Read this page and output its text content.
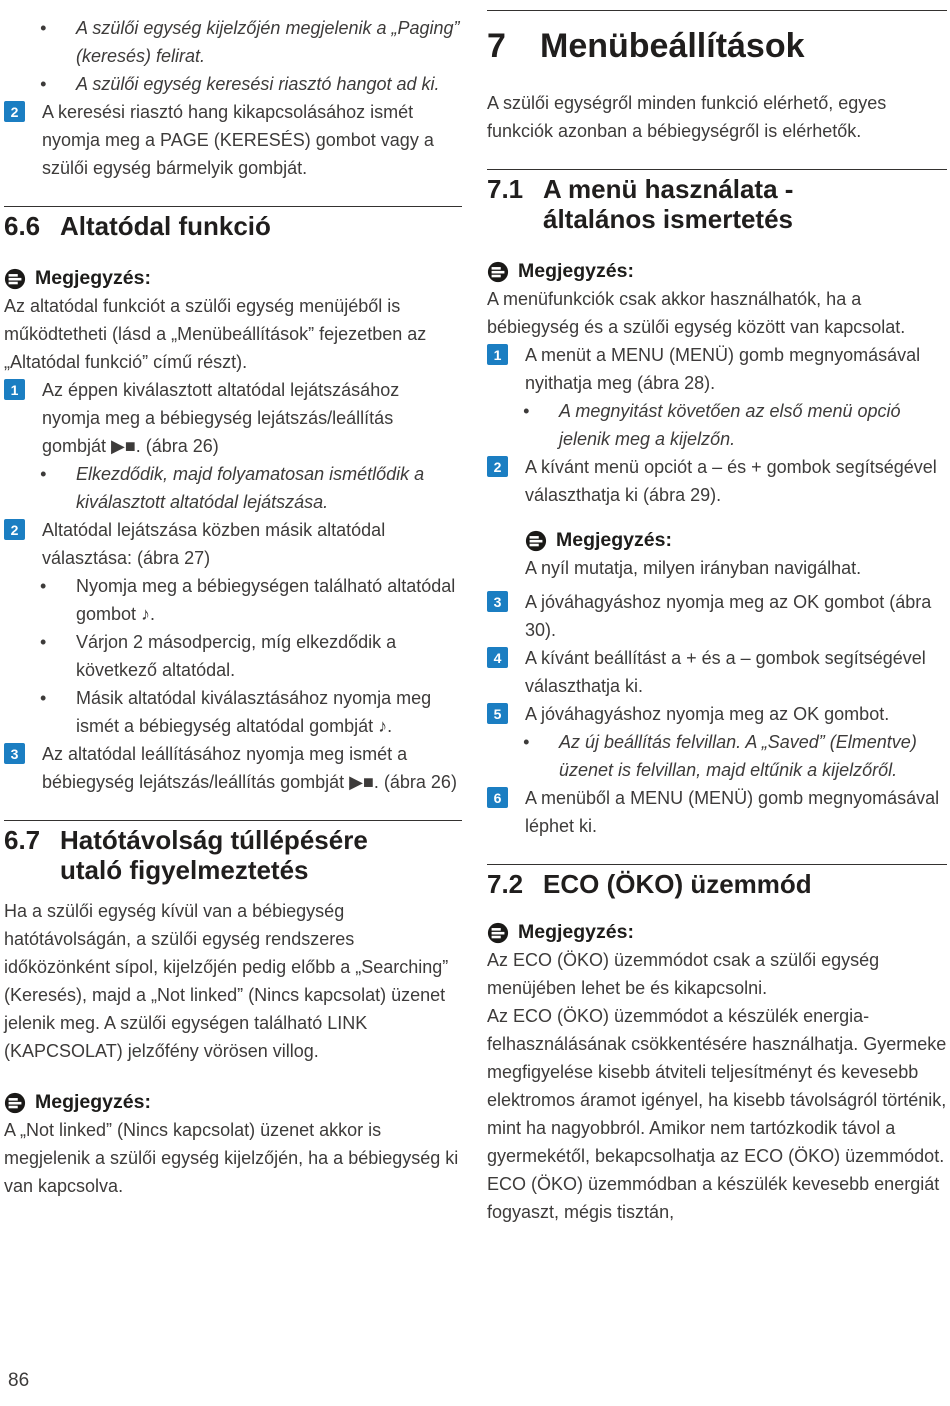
• A szülői egység kijelzőjén megjelenik a „Paging” (keresés) felirat.

• A szülői egység keresési riasztó hangot ad ki.

2	A keresési riasztó hang kikapcsolásához ismét nyomja meg a PAGE (KERESÉS) gombot vagy a szülői egység bármelyik gombját.

6.6 Altatódal funkció
Megjegyzés:

Az altatódal funkciót a szülői egység menüjéből is működtetheti (lásd a „Menübeállítások” fejezetben az „Altatódal funkció” című részt).

1	Az éppen kiválasztott altatódal lejátszásához nyomja meg a bébiegység lejátszás/leállítás gombját ▶■. (ábra 26)

• Elkezdődik, majd folyamatosan ismétlődik a kiválasztott altatódal lejátszása.

2	Altatódal lejátszása közben másik altatódal választása: (ábra 27)

• Nyomja meg a bébiegységen található altatódal gombot ♪.

• Várjon 2 másodpercig, míg elkezdődik a következő altatódal.

• Másik altatódal kiválasztásához nyomja meg ismét a bébiegység altatódal gombját ♪.

3	Az altatódal leállításához nyomja meg ismét a bébiegység lejátszás/leállítás gombját ▶■. (ábra 26)

6.7 Hatótávolság túllépésére utaló figyelmeztetés

Ha a szülői egység kívül van a bébiegység hatótávolságán, a szülői egység rendszeres időközönként sípol, kijelzőjén pedig előbb a „Searching” (Keresés), majd a „Not linked” (Nincs kapcsolat) üzenet jelenik meg. A szülői egységen található LINK (KAPCSOLAT) jelzőfény vörösen villog.

Megjegyzés:

A „Not linked” (Nincs kapcsolat) üzenet akkor is megjelenik a szülői egység kijelzőjén, ha a bébiegység ki van kapcsolva.

7	Menübeállítások

A szülői egységről minden funkció elérhető, egyes funkciók azonban a bébiegységről is elérhetők.

7.1 A menü használata - általános ismertetés
Megjegyzés:

A menüfunkciók csak akkor használhatók, ha a bébiegység és a szülői egység között van kapcsolat.

1	A menüt a MENU (MENÜ) gomb megnyomásával nyithatja meg (ábra 28).

• A megnyitást követően az első menü opció jelenik meg a kijelzőn.

2	A kívánt menü opciót a – és + gombok segítségével választhatja ki (ábra 29).

Megjegyzés:

A nyíl mutatja, milyen irányban navigálhat.

3	A jóváhagyáshoz nyomja meg az OK gombot (ábra 30).

4	A kívánt beállítást a + és a – gombok segítségével választhatja ki.

5	A jóváhagyáshoz nyomja meg az OK gombot.

• Az új beállítás felvillan. A „Saved” (Elmentve) üzenet is felvillan, majd eltűnik a kijelzőről.

6	A menüből a MENU (MENÜ) gomb megnyomásával léphet ki.

7.2 ECO (ÖKO) üzemmód
Megjegyzés:

Az ECO (ÖKO) üzemmódot csak a szülői egység menüjében lehet be és kikapcsolni.

Az ECO (ÖKO) üzemmódot a készülék energia-felhasználásának csökkentésére használhatja. Gyermeke megfigyelése kisebb átviteli teljesítményt és kevesebb elektromos áramot igényel, ha kisebb távolságról történik, mint ha nagyobbról. Amikor nem tartózkodik távol a gyermekétől, bekapcsolhatja az ECO (ÖKO) üzemmódot. ECO (ÖKO) üzemmódban a készülék kevesebb energiát fogyaszt, mégis tisztán,

86
